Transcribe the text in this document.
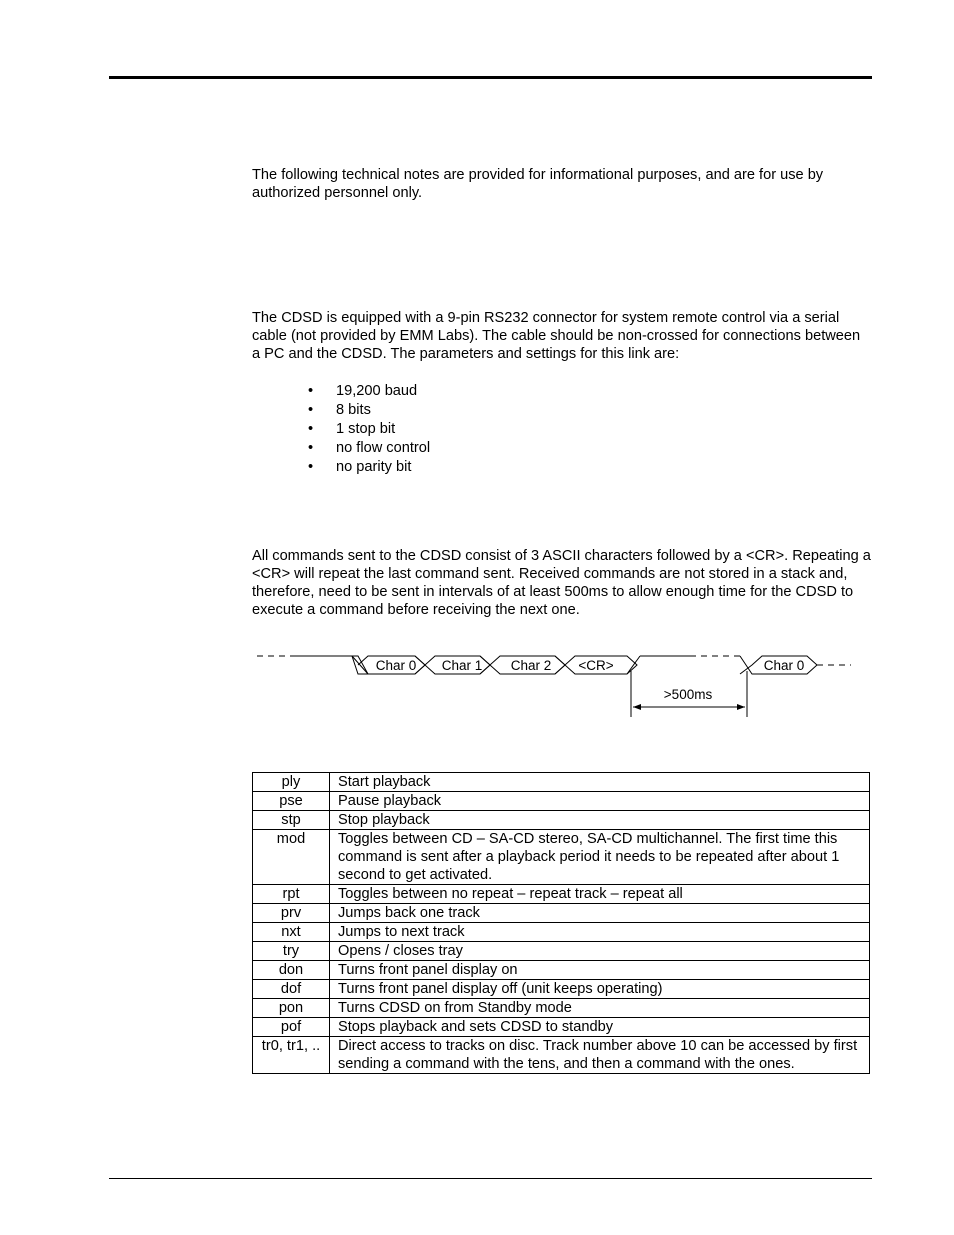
The following technical notes are provided for informational purposes, and are for use by authorized personnel only.

The CDSD is equipped with a 9-pin RS232 connector for system remote control via a serial cable (not provided by EMM Labs). The cable should be non-crossed for connections between a PC and the CDSD. The parameters and settings for this link are:

• 19,200 baud
• 8 bits
• 1 stop bit
• no flow control
• no parity bit

All commands sent to the CDSD consist of 3 ASCII characters followed by a <CR>. Repeating a <CR> will repeat the last command sent. Received commands are not stored in a stack and, therefore, need to be sent in intervals of at least 500ms to allow enough time for the CDSD to execute a command before receiving the next one.

Char 0 Char 1 Char 2 <CR>	Char 0
>500ms
ply	Start playback
pse	Pause playback
stp	Stop playback
mod	Toggles between CD – SA-CD stereo, SA-CD multichannel. The first time this command is sent after a playback period it needs to be repeated after about 1 second to get activated.
rpt	Toggles between no repeat – repeat track – repeat all
prv	Jumps back one track
nxt	Jumps to next track
try	Opens / closes tray
don	Turns front panel display on
dof	Turns front panel display off (unit keeps operating)
pon	Turns CDSD on from Standby mode
pof	Stops playback and sets CDSD to standby
tr0, tr1, ..	Direct access to tracks on disc. Track number above 10 can be accessed by first sending a command with the tens, and then a command with the ones.
